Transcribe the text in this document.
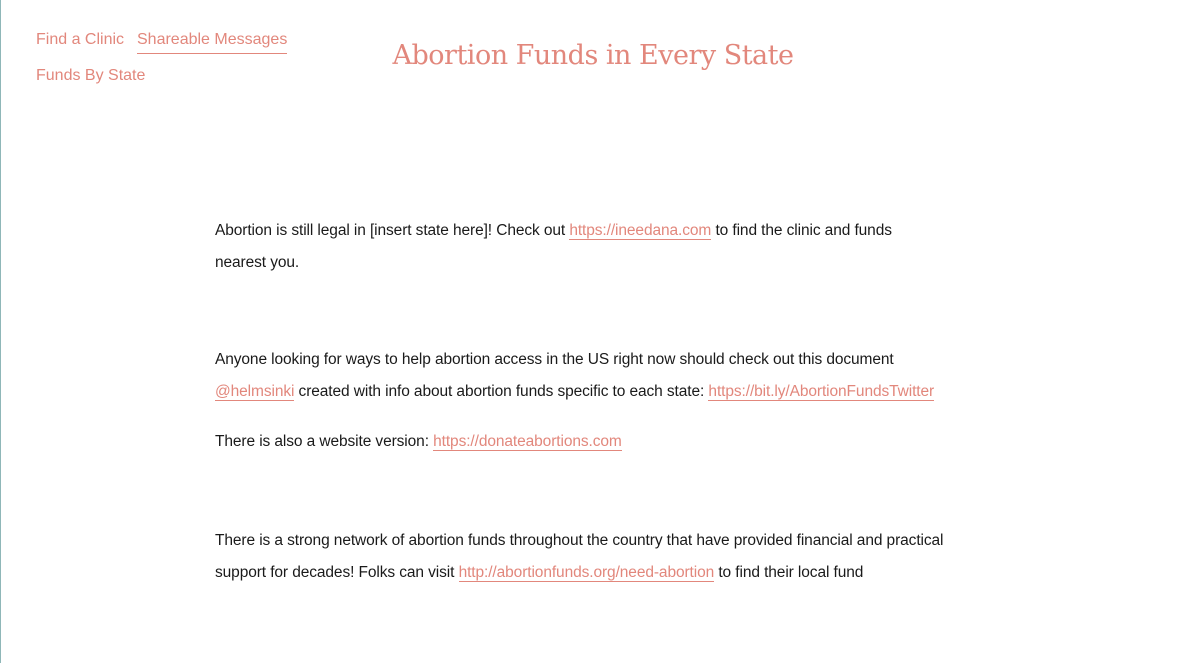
Find a Clinic Shareable Messages
Funds By State
Abortion Funds in Every State

Abortion is still legal in [insert state here]! Check out https://ineedana.com to find the clinic and funds nearest you.

Anyone looking for ways to help abortion access in the US right now should check out this document @helmsinki created with info about abortion funds specific to each state: https://bit.ly/AbortionFundsTwitter

There is also a website version: https://donateabortions.com

There is a strong network of abortion funds throughout the country that have provided financial and practical support for decades! Folks can visit http://abortionfunds.org/need-abortion to find their local fund
